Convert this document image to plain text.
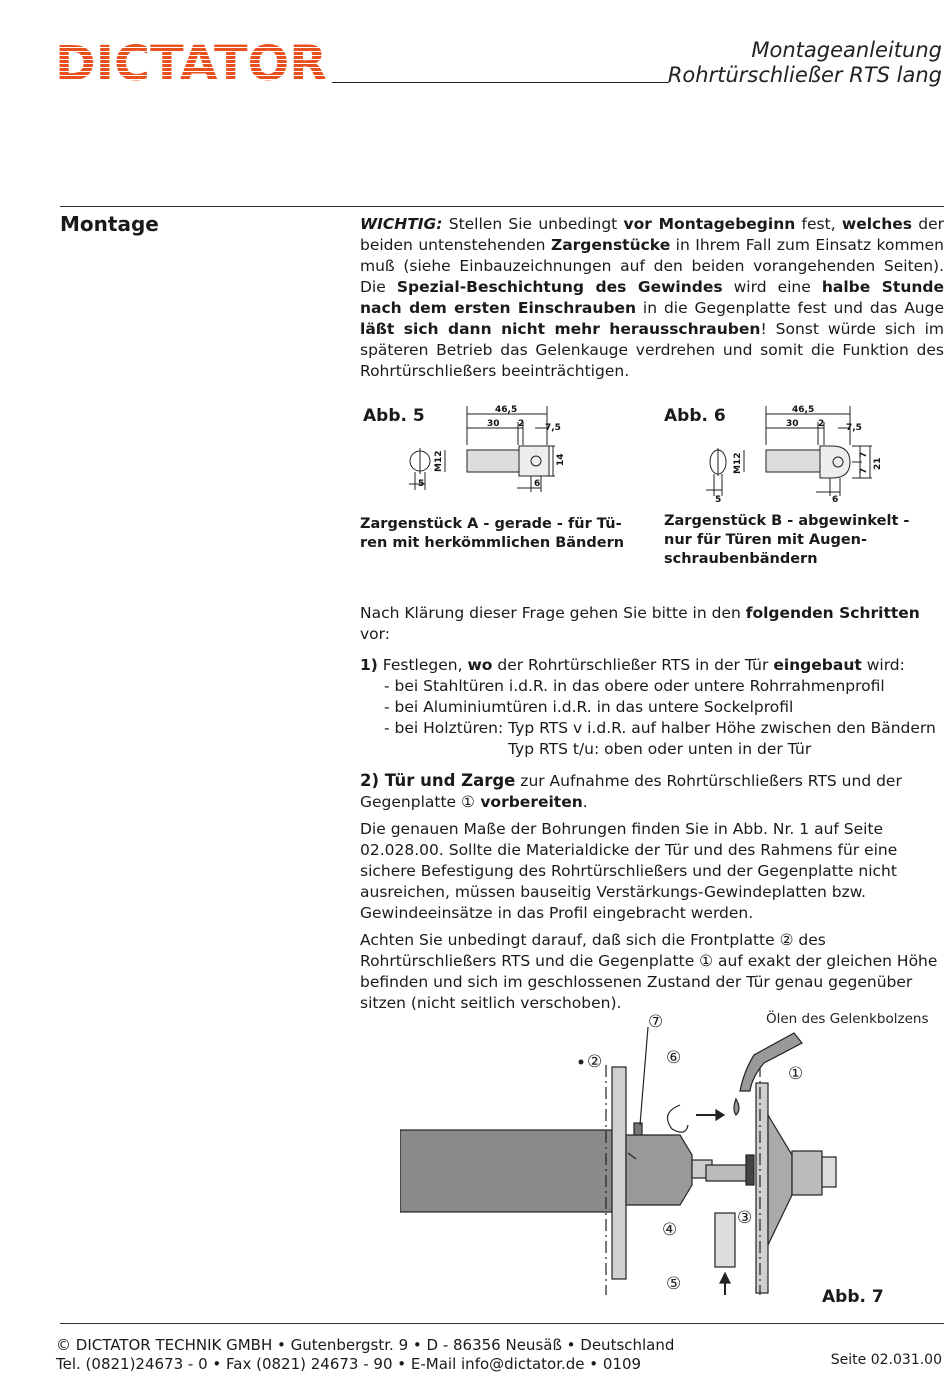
DICTATOR	Montageanleitung
Rohrtürschließer RTS lang
Montage	WICHTIG: Stellen Sie unbedingt vor Montagebeginn fest, welches der beiden untenstehenden Zargenstücke in Ihrem Fall zum Einsatz kommen muß (siehe Einbauzeichnungen auf den beiden vorangehenden Seiten). Die Spezial-Beschichtung des Gewindes wird eine halbe Stunde nach dem ersten Einschrauben in die Gegenplatte fest und das Auge läßt sich dann nicht mehr herausschrauben! Sonst würde sich im späteren Betrieb das Gelenkauge verdrehen und somit die Funktion des Rohrtürschließers beeinträchtigen.

Abb. 5	46,5
30 2 7,5
M12	14
5	6
Zargenstück A - gerade - für Tü-
ren mit herkömmlichen Bändern
Abb. 6	46,5
30 2 7,5
M12	7
7
21
5	6
Zargenstück B - abgewinkelt -
nur für Türen mit Augen-
schraubenbändern

Nach Klärung dieser Frage gehen Sie bitte in den folgenden Schritten vor:

1) Festlegen, wo der Rohrtürschließer RTS in der Tür eingebaut wird:

- bei Stahltüren i.d.R. in das obere oder untere Rohrrahmenprofil

- bei Aluminiumtüren i.d.R. in das untere Sockelprofil

- bei Holztüren: Typ RTS v i.d.R. auf halber Höhe zwischen den Bändern

Typ RTS t/u: oben oder unten in der Tür

2) Tür und Zarge zur Aufnahme des Rohrtürschließers RTS und der Gegenplatte ① vorbereiten.

Die genauen Maße der Bohrungen finden Sie in Abb. Nr. 1 auf Seite 02.028.00. Sollte die Materialdicke der Tür und des Rahmens für eine sichere Befestigung des Rohrtürschließers und der Gegenplatte nicht ausreichen, müssen bauseitig Verstärkungs-Gewindeplatten bzw. Gewindeeinsätze in das Profil eingebracht werden.

Achten Sie unbedingt darauf, daß sich die Frontplatte ② des Rohrtürschließers RTS und die Gegenplatte ① auf exakt der gleichen Höhe befinden und sich im geschlossenen Zustand der Tür genau gegenüber sitzen (nicht seitlich verschoben).

②
①
③
④
⑤
⑥
⑦	Ölen des Gelenkbolzens
Abb. 7
© DICTATOR TECHNIK GMBH • Gutenbergstr. 9 • D - 86356 Neusäß • Deutschland
Tel. (0821)24673 - 0 • Fax (0821) 24673 - 90 • E-Mail info@dictator.de • 0109	Seite 02.031.00
